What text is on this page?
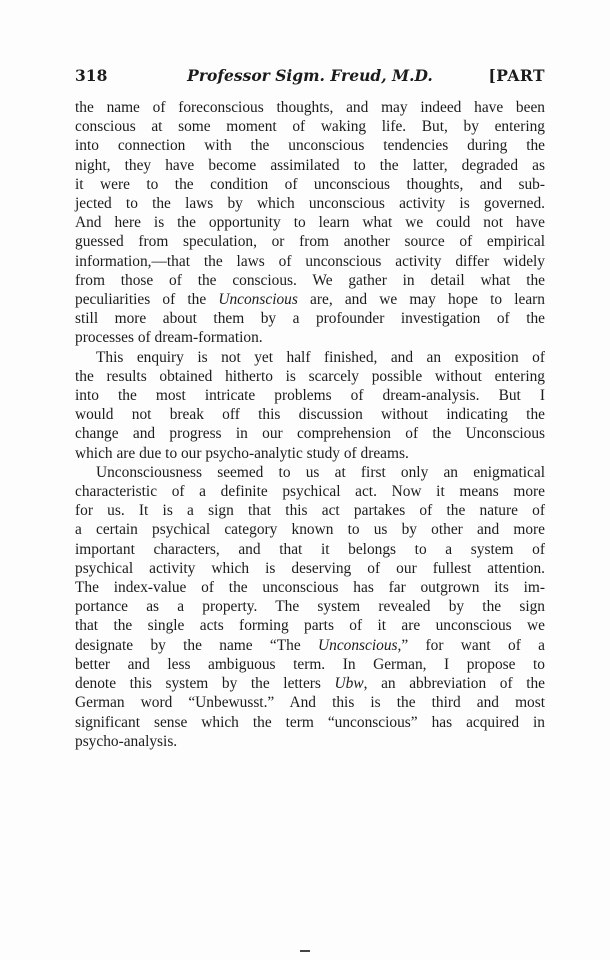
318	Professor Sigm. Freud, M.D.	[PART

the name of foreconscious thoughts, and may indeed have been
conscious at some moment of waking life. But, by entering
into connection with the unconscious tendencies during the
night, they have become assimilated to the latter, degraded as
it were to the condition of unconscious thoughts, and sub-
jected to the laws by which unconscious activity is governed.
And here is the opportunity to learn what we could not have
guessed from speculation, or from another source of empirical
information,—that the laws of unconscious activity differ widely
from those of the conscious. We gather in detail what the
peculiarities of the Unconscious are, and we may hope to learn
still more about them by a profounder investigation of the
processes of dream-formation.

This enquiry is not yet half finished, and an exposition of
the results obtained hitherto is scarcely possible without entering
into the most intricate problems of dream-analysis. But I
would not break off this discussion without indicating the
change and progress in our comprehension of the Unconscious
which are due to our psycho-analytic study of dreams.

Unconsciousness seemed to us at first only an enigmatical
characteristic of a definite psychical act. Now it means more
for us. It is a sign that this act partakes of the nature of
a certain psychical category known to us by other and more
important characters, and that it belongs to a system of
psychical activity which is deserving of our fullest attention.
The index-value of the unconscious has far outgrown its im-
portance as a property. The system revealed by the sign
that the single acts forming parts of it are unconscious we
designate by the name “The Unconscious,” for want of a
better and less ambiguous term. In German, I propose to
denote this system by the letters Ubw, an abbreviation of the
German word “Unbewusst.” And this is the third and most
significant sense which the term “unconscious” has acquired in
psycho-analysis.
